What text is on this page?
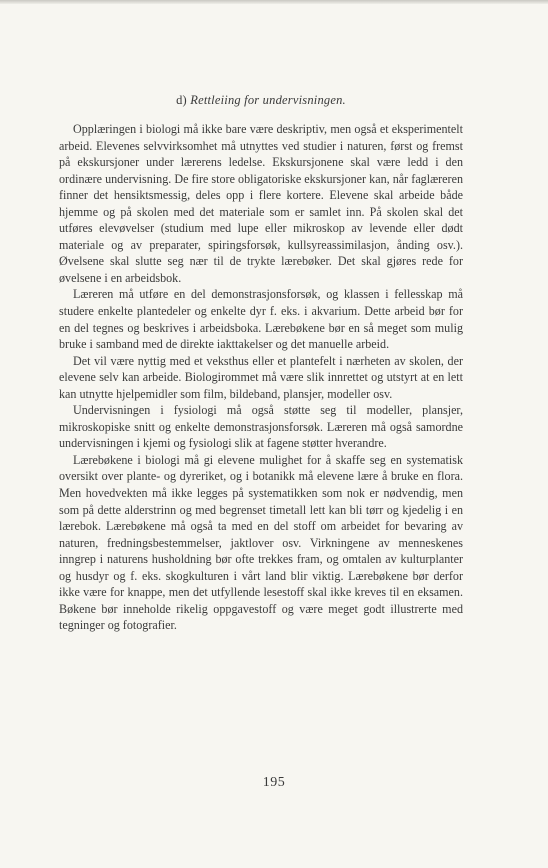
d) Rettleiing for undervisningen.

Opplæringen i biologi må ikke bare være deskriptiv, men også et eksperimentelt arbeid. Elevenes selvvirksomhet må utnyttes ved studier i naturen, først og fremst på ekskursjoner under lærerens ledelse. Ekskursjonene skal være ledd i den ordinære undervisning. De fire store obligatoriske ekskursjoner kan, når faglæreren finner det hensiktsmessig, deles opp i flere kortere. Elevene skal arbeide både hjemme og på skolen med det materiale som er samlet inn. På skolen skal det utføres elevøvelser (studium med lupe eller mikroskop av levende eller dødt materiale og av preparater, spiringsforsøk, kullsyreassimilasjon, ånding osv.). Øvelsene skal slutte seg nær til de trykte lærebøker. Det skal gjøres rede for øvelsene i en arbeidsbok.

Læreren må utføre en del demonstrasjonsforsøk, og klassen i fellesskap må studere enkelte plantedeler og enkelte dyr f. eks. i akvarium. Dette arbeid bør for en del tegnes og beskrives i arbeidsboka. Lærebøkene bør en så meget som mulig bruke i samband med de direkte iakttakelser og det manuelle arbeid.

Det vil være nyttig med et veksthus eller et plantefelt i nærheten av skolen, der elevene selv kan arbeide. Biologirommet må være slik innrettet og utstyrt at en lett kan utnytte hjelpemidler som film, bildeband, plansjer, modeller osv.

Undervisningen i fysiologi må også støtte seg til modeller, plansjer, mikroskopiske snitt og enkelte demonstrasjonsforsøk. Læreren må også samordne undervisningen i kjemi og fysiologi slik at fagene støtter hverandre.

Lærebøkene i biologi må gi elevene mulighet for å skaffe seg en systematisk oversikt over plante- og dyreriket, og i botanikk må elevene lære å bruke en flora. Men hovedvekten må ikke legges på systematikken som nok er nødvendig, men som på dette alderstrinn og med begrenset timetall lett kan bli tørr og kjedelig i en lærebok. Lærebøkene må også ta med en del stoff om arbeidet for bevaring av naturen, fredningsbestemmelser, jaktlover osv. Virkningene av menneskenes inngrep i naturens husholdning bør ofte trekkes fram, og omtalen av kulturplanter og husdyr og f. eks. skogkulturen i vårt land blir viktig. Lærebøkene bør derfor ikke være for knappe, men det utfyllende lesestoff skal ikke kreves til en eksamen. Bøkene bør inneholde rikelig oppgavestoff og være meget godt illustrerte med tegninger og fotografier.

195
